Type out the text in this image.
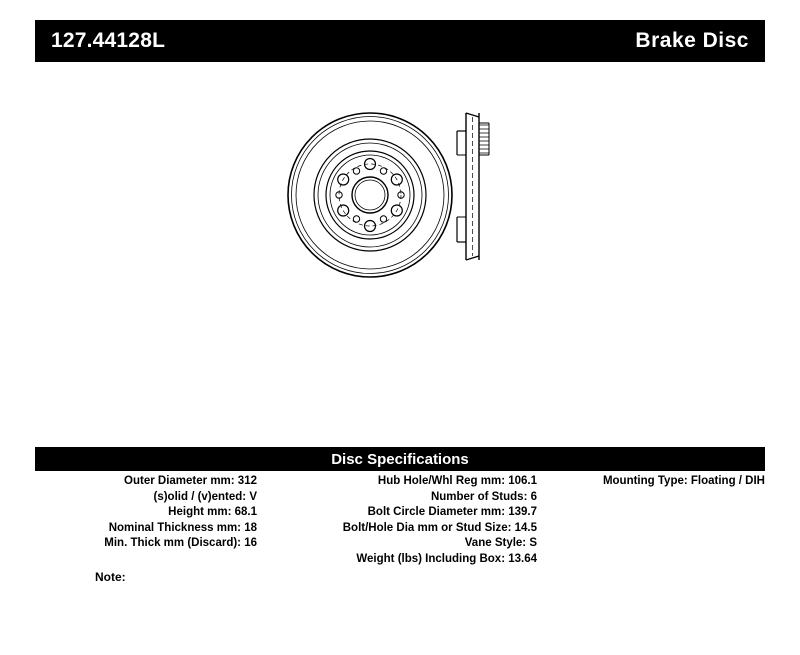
127.44128L	Brake Disc
Disc Specifications
Outer Diameter mm: 312
(s)olid / (v)ented: V
Height mm: 68.1
Nominal Thickness mm: 18
Min. Thick mm (Discard): 16
Hub Hole/Whl Reg mm: 106.1
Number of Studs: 6
Bolt Circle Diameter mm: 139.7
Bolt/Hole Dia mm or Stud Size: 14.5
Vane Style: S
Weight (lbs) Including Box: 13.64
Mounting Type: Floating / DIH
Note:
